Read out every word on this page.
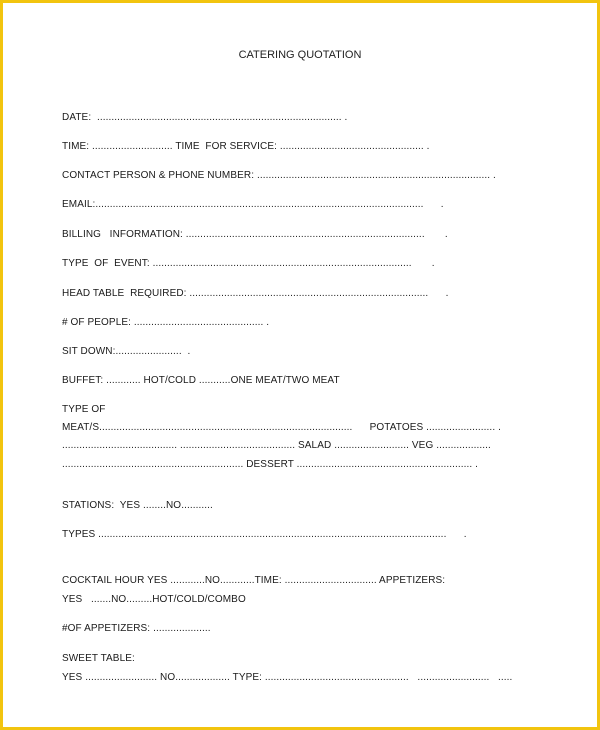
CATERING QUOTATION
DATE:  ..................................................................................... .
TIME: ............................ TIME  FOR SERVICE: .................................................. .
CONTACT PERSON & PHONE NUMBER: ................................................................................. .
EMAIL:..................................................................................................................      .
BILLING   INFORMATION: ...................................................................................       .
TYPE  OF  EVENT: ..........................................................................................       .
HEAD TABLE  REQUIRED: ...................................................................................      .
# OF PEOPLE: ............................................. .
SIT DOWN:.......................  .
BUFFET: ............ HOT/COLD ...........ONE MEAT/TWO MEAT
TYPE OF
MEAT/S........................................................................................      POTATOES ........................ .
........................................ ........................................ SALAD .......................... VEG ...................
............................................................... DESSERT ............................................................. .
STATIONS:  YES ........NO...........
TYPES .........................................................................................................................      .
COCKTAIL HOUR YES ............NO............TIME: ................................ APPETIZERS:
YES   .......NO.........HOT/COLD/COMBO
#OF APPETIZERS: ....................
SWEET TABLE:
YES ......................... NO................... TYPE: ..................................................   .........................   .....
